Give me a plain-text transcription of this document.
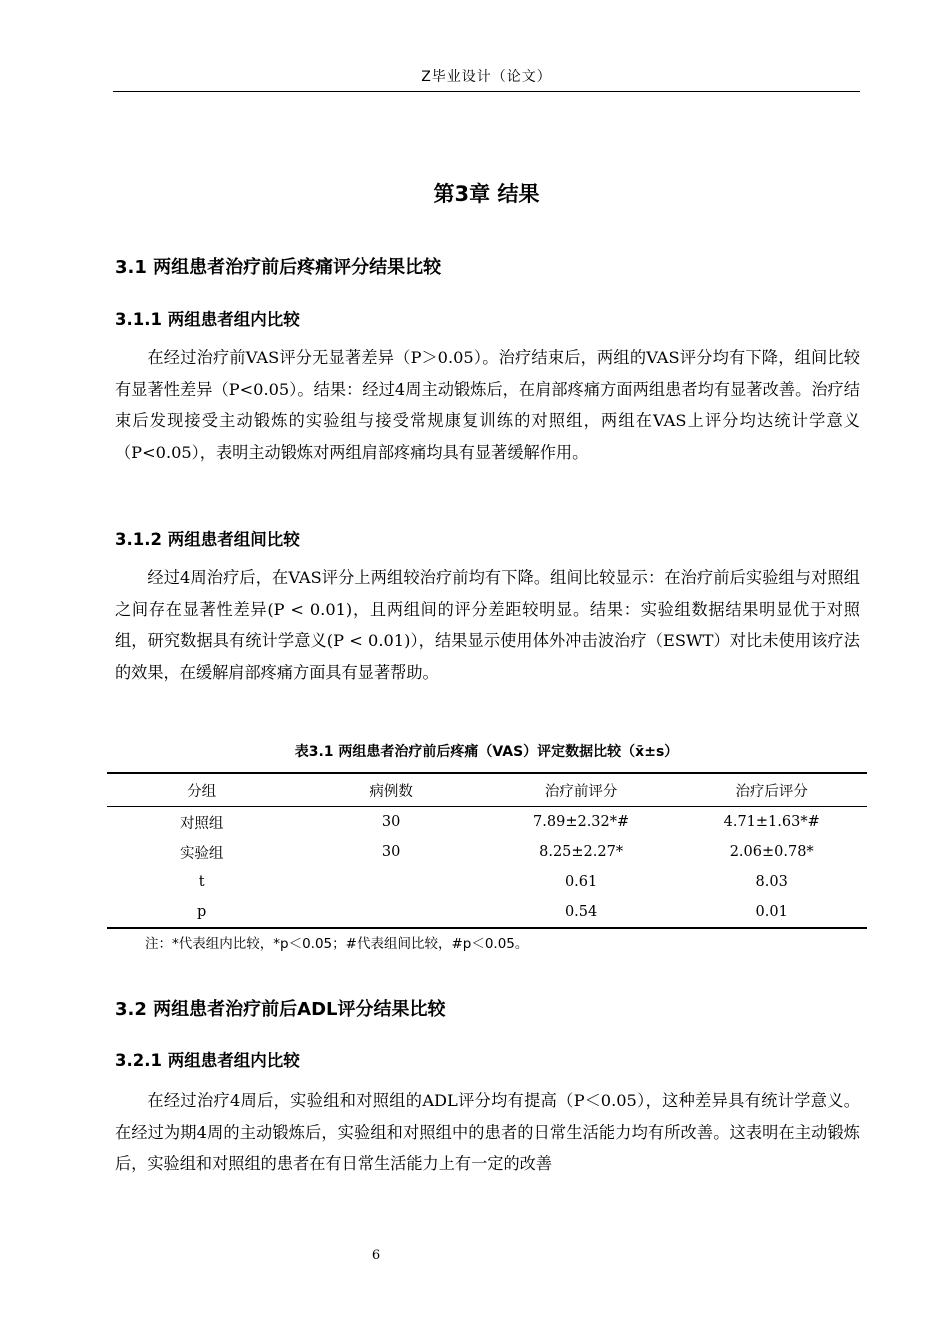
Z毕业设计（论文）
第3章 结果
3.1 两组患者治疗前后疼痛评分结果比较
3.1.1 两组患者组内比较

在经过治疗前VAS评分无显著差异（P＞0.05）。治疗结束后，两组的VAS评分均有下降，组间比较有显著性差异（P<0.05）。结果：经过4周主动锻炼后，在肩部疼痛方面两组患者均有显著改善。治疗结束后发现接受主动锻炼的实验组与接受常规康复训练的对照组，两组在VAS上评分均达统计学意义（P<0.05），表明主动锻炼对两组肩部疼痛均具有显著缓解作用。

3.1.2 两组患者组间比较

经过4周治疗后，在VAS评分上两组较治疗前均有下降。组间比较显示：在治疗前后实验组与对照组之间存在显著性差异(P < 0.01)，且两组间的评分差距较明显。结果：实验组数据结果明显优于对照组，研究数据具有统计学意义(P < 0.01)），结果显示使用体外冲击波治疗（ESWT）对比未使用该疗法的效果，在缓解肩部疼痛方面具有显著帮助。

表3.1 两组患者治疗前后疼痛（VAS）评定数据比较（x̄±s）
分组	病例数	治疗前评分	治疗后评分
对照组	30	7.89±2.32*#	4.71±1.63*#
实验组	30	8.25±2.27*	2.06±0.78*
t		0.61	8.03
p		0.54	0.01
注：*代表组内比较，*p＜0.05；#代表组间比较，#p＜0.05。
3.2 两组患者治疗前后ADL评分结果比较
3.2.1 两组患者组内比较

在经过治疗4周后，实验组和对照组的ADL评分均有提高（P＜0.05），这种差异具有统计学意义。在经过为期4周的主动锻炼后，实验组和对照组中的患者的日常生活能力均有所改善。这表明在主动锻炼后，实验组和对照组的患者在有日常生活能力上有一定的改善

6
